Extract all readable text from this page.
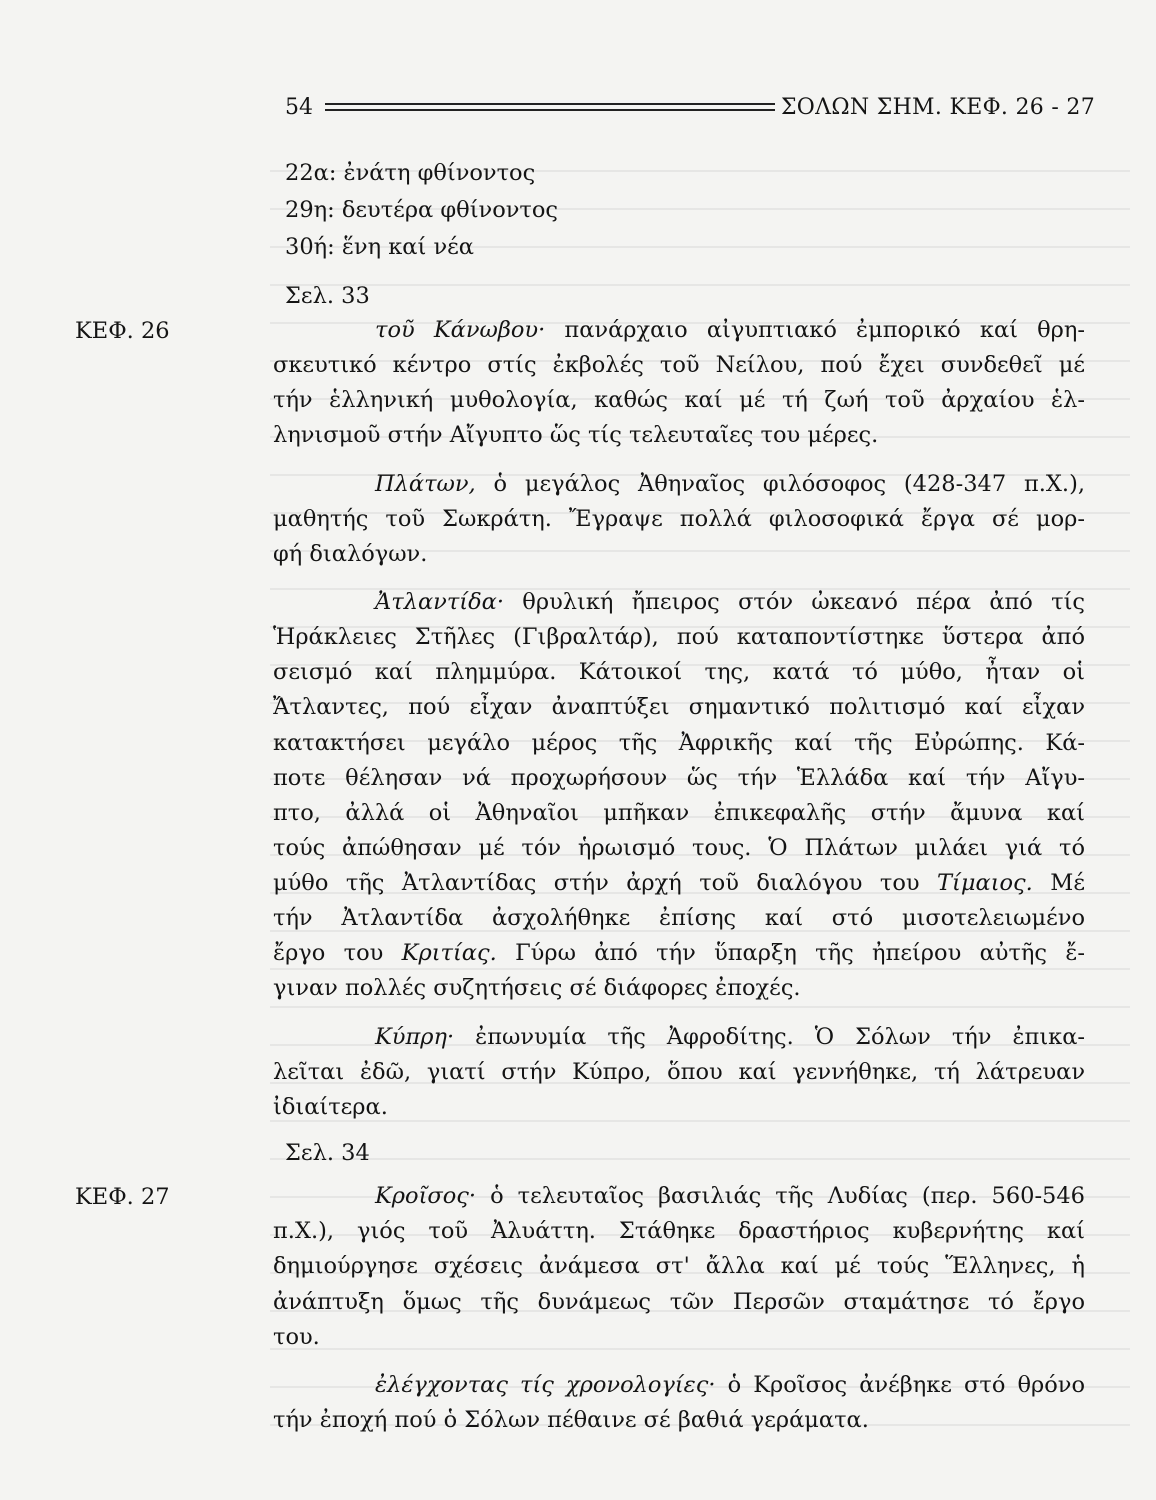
54	ΣΟΛΩΝ ΣΗΜ. ΚΕΦ. 26 - 27
22α: ἐνάτη φθίνοντος
29η: δευτέρα φθίνοντος
30ή: ἕνη καί νέα
Σελ. 33
ΚΕΦ. 26	τοῦ Κάνωβου· πανάρχαιο αἰγυπτιακό ἐμπορικό καί θρη-
σκευτικό κέντρο στίς ἐκβολές τοῦ Νείλου, πού ἔχει συνδεθεῖ μέ
τήν ἑλληνική μυθολογία, καθώς καί μέ τή ζωή τοῦ ἀρχαίου ἑλ-
ληνισμοῦ στήν Αἴγυπτο ὥς τίς τελευταῖες του μέρες.
Πλάτων, ὁ μεγάλος Ἀθηναῖος φιλόσοφος (428-347 π.Χ.),
μαθητής τοῦ Σωκράτη. Ἔγραψε πολλά φιλοσοφικά ἔργα σέ μορ-
φή διαλόγων.
Ἀτλαντίδα· θρυλική ἤπειρος στόν ὠκεανό πέρα ἀπό τίς
Ἡράκλειες Στῆλες (Γιβραλτάρ), πού καταποντίστηκε ὕστερα ἀπό
σεισμό καί πλημμύρα. Κάτοικοί της, κατά τό μύθο, ἦταν οἱ
Ἄτλαντες, πού εἶχαν ἀναπτύξει σημαντικό πολιτισμό καί εἶχαν
κατακτήσει μεγάλο μέρος τῆς Ἀφρικῆς καί τῆς Εὐρώπης. Κά-
ποτε θέλησαν νά προχωρήσουν ὥς τήν Ἑλλάδα καί τήν Αἴγυ-
πτο, ἀλλά οἱ Ἀθηναῖοι μπῆκαν ἐπικεφαλῆς στήν ἄμυνα καί
τούς ἀπώθησαν μέ τόν ἡρωισμό τους. Ὁ Πλάτων μιλάει γιά τό
μύθο τῆς Ἀτλαντίδας στήν ἀρχή τοῦ διαλόγου του Τίμαιος. Μέ
τήν Ἀτλαντίδα ἀσχολήθηκε ἐπίσης καί στό μισοτελειωμένο
ἔργο του Κριτίας. Γύρω ἀπό τήν ὕπαρξη τῆς ἠπείρου αὐτῆς ἔ-
γιναν πολλές συζητήσεις σέ διάφορες ἐποχές.
Κύπρη· ἐπωνυμία τῆς Ἀφροδίτης. Ὁ Σόλων τήν ἐπικα-
λεῖται ἐδῶ, γιατί στήν Κύπρο, ὅπου καί γεννήθηκε, τή λάτρευαν
ἰδιαίτερα.
Σελ. 34
ΚΕΦ. 27	Κροῖσος· ὁ τελευταῖος βασιλιάς τῆς Λυδίας (περ. 560-546
π.Χ.), γιός τοῦ Ἀλυάττη. Στάθηκε δραστήριος κυβερνήτης καί
δημιούργησε σχέσεις ἀνάμεσα στ' ἄλλα καί μέ τούς Ἕλληνες, ἡ
ἀνάπτυξη ὅμως τῆς δυνάμεως τῶν Περσῶν σταμάτησε τό ἔργο
του.
ἐλέγχοντας τίς χρονολογίες· ὁ Κροῖσος ἀνέβηκε στό θρόνο
τήν ἐποχή πού ὁ Σόλων πέθαινε σέ βαθιά γεράματα.
